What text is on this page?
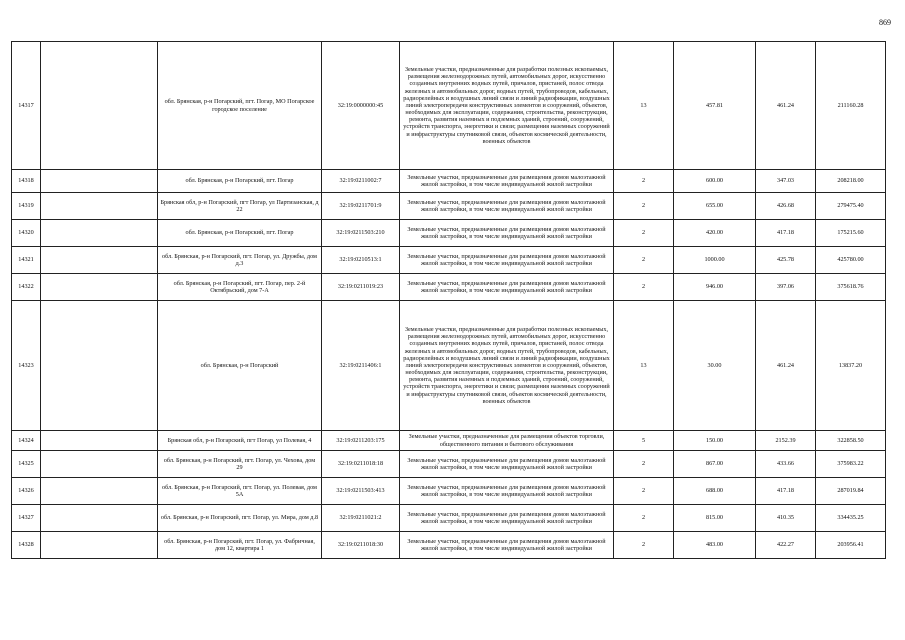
869
14317		обл. Брянская, р-н Погарский, пгт. Погар, МО Погарское городское поселение	32:19:0000000:45	Земельные участки, предназначенные для разработки полезных ископаемых, размещения железнодорожных путей, автомобильных дорог, искусственно созданных внутренних водных путей, причалов, пристаней, полос отвода железных и автомобильных дорог, водных путей, трубопроводов, кабельных, радиорелейных и воздушных линий связи и линий радиофикации, воздушных линий электропередачи конструктивных элементов и сооружений, объектов, необходимых для эксплуатации, содержания, строительства, реконструкции, ремонта, развития наземных и подземных зданий, строений, сооружений, устройств транспорта, энергетики и связи; размещения наземных сооружений и инфраструктуры спутниковой связи, объектов космической деятельности, военных объектов	13	457.81	461.24	211160.28
14318		обл. Брянская, р-н Погарский, пгт. Погар	32:19:0211002:7	Земельные участки, предназначенные для размещения домов малоэтажной жилой застройки, в том числе индивидуальной жилой застройки	2	600.00	347.03	208218.00
14319		Брянская обл, р-н Погарский, пгт Погар, ул Партизанская, д 22	32:19:0211701:9	Земельные участки, предназначенные для размещения домов малоэтажной жилой застройки, в том числе индивидуальной жилой застройки	2	655.00	426.68	279475.40
14320		обл. Брянская, р-н Погарский, пгт. Погар	32:19:0211503:210	Земельные участки, предназначенные для размещения домов малоэтажной жилой застройки, в том числе индивидуальной жилой застройки	2	420.00	417.18	175215.60
14321		обл. Брянская, р-н Погарский, пгт. Погар, ул. Дружбы, дом д.3	32:19:0210513:1	Земельные участки, предназначенные для размещения домов малоэтажной жилой застройки, в том числе индивидуальной жилой застройки	2	1000.00	425.78	425780.00
14322		обл. Брянская, р-н Погарский, пгт. Погар, пер. 2-й Октябрьский, дом 7-А	32:19:0211019:23	Земельные участки, предназначенные для размещения домов малоэтажной жилой застройки, в том числе индивидуальной жилой застройки	2	946.00	397.06	375618.76
14323		обл. Брянская, р-н Погарский	32:19:0211406:1	Земельные участки, предназначенные для разработки полезных ископаемых, размещения железнодорожных путей, автомобильных дорог, искусственно созданных внутренних водных путей, причалов, пристаней, полос отвода железных и автомобильных дорог, водных путей, трубопроводов, кабельных, радиорелейных и воздушных линий связи и линий радиофикации, воздушных линий электропередачи конструктивных элементов и сооружений, объектов, необходимых для эксплуатации, содержания, строительства, реконструкции, ремонта, развития наземных и подземных зданий, строений, сооружений, устройств транспорта, энергетики и связи; размещения наземных сооружений и инфраструктуры спутниковой связи, объектов космической деятельности, военных объектов	13	30.00	461.24	13837.20
14324		Брянская обл, р-н Погарский, пгт Погар, ул Полевая, 4	32:19:0211203:175	Земельные участки, предназначенные для размещения объектов торговли, общественного питания и бытового обслуживания	5	150.00	2152.39	322858.50
14325		обл. Брянская, р-н Погарский, пгт. Погар, ул. Чехова, дом 29	32:19:0211018:18	Земельные участки, предназначенные для размещения домов малоэтажной жилой застройки, в том числе индивидуальной жилой застройки	2	867.00	433.66	375983.22
14326		обл. Брянская, р-н Погарский, пгт. Погар, ул. Полевая, дом 5А	32:19:0211503:413	Земельные участки, предназначенные для размещения домов малоэтажной жилой застройки, в том числе индивидуальной жилой застройки	2	688.00	417.18	287019.84
14327		обл. Брянская, р-н Погарский, пгт. Погар, ул. Мира, дом д.8	32:19:0211021:2	Земельные участки, предназначенные для размещения домов малоэтажной жилой застройки, в том числе индивидуальной жилой застройки	2	815.00	410.35	334435.25
14328		обл. Брянская, р-н Погарский, пгт. Погар, ул. Фабричная, дом 12, квартира 1	32:19:0211018:30	Земельные участки, предназначенные для размещения домов малоэтажной жилой застройки, в том числе индивидуальной жилой застройки	2	483.00	422.27	203956.41
